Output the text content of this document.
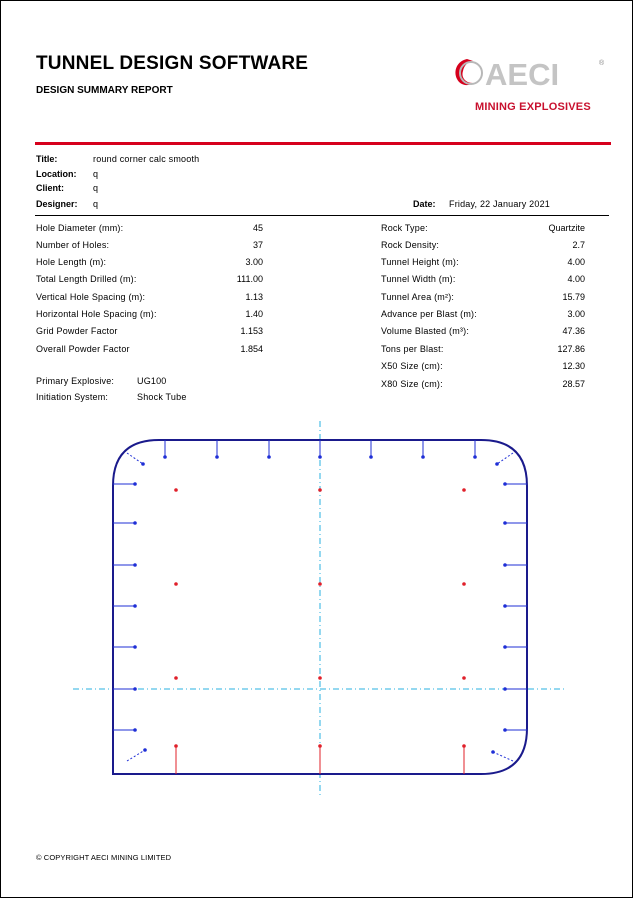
TUNNEL DESIGN SOFTWARE
DESIGN SUMMARY REPORT	AECI	®
MINING EXPLOSIVES
Title:	round corner calc smooth
Location: q
Client:	q
Designer: q	Date: Friday, 22 January 2021
Hole Diameter (mm):	45
Number of Holes:	37
Hole Length (m):	3.00
Total Length Drilled (m):	111.00
Vertical Hole Spacing (m):	1.13
Horizontal Hole Spacing (m):	1.40
Grid Powder Factor	1.153
Overall Powder Factor	1.854
Rock Type:	Quartzite
Rock Density:	2.7
Tunnel Height (m):	4.00
Tunnel Width (m):	4.00
Tunnel Area (m²):	15.79
Advance per Blast (m):	3.00
Volume Blasted (m³):	47.36
Tons per Blast:	127.86
X50 Size (cm):	12.30
X80 Size (cm):	28.57
Primary Explosive:	UG100
Initiation System:	Shock Tube
© COPYRIGHT AECI MINING LIMITED
